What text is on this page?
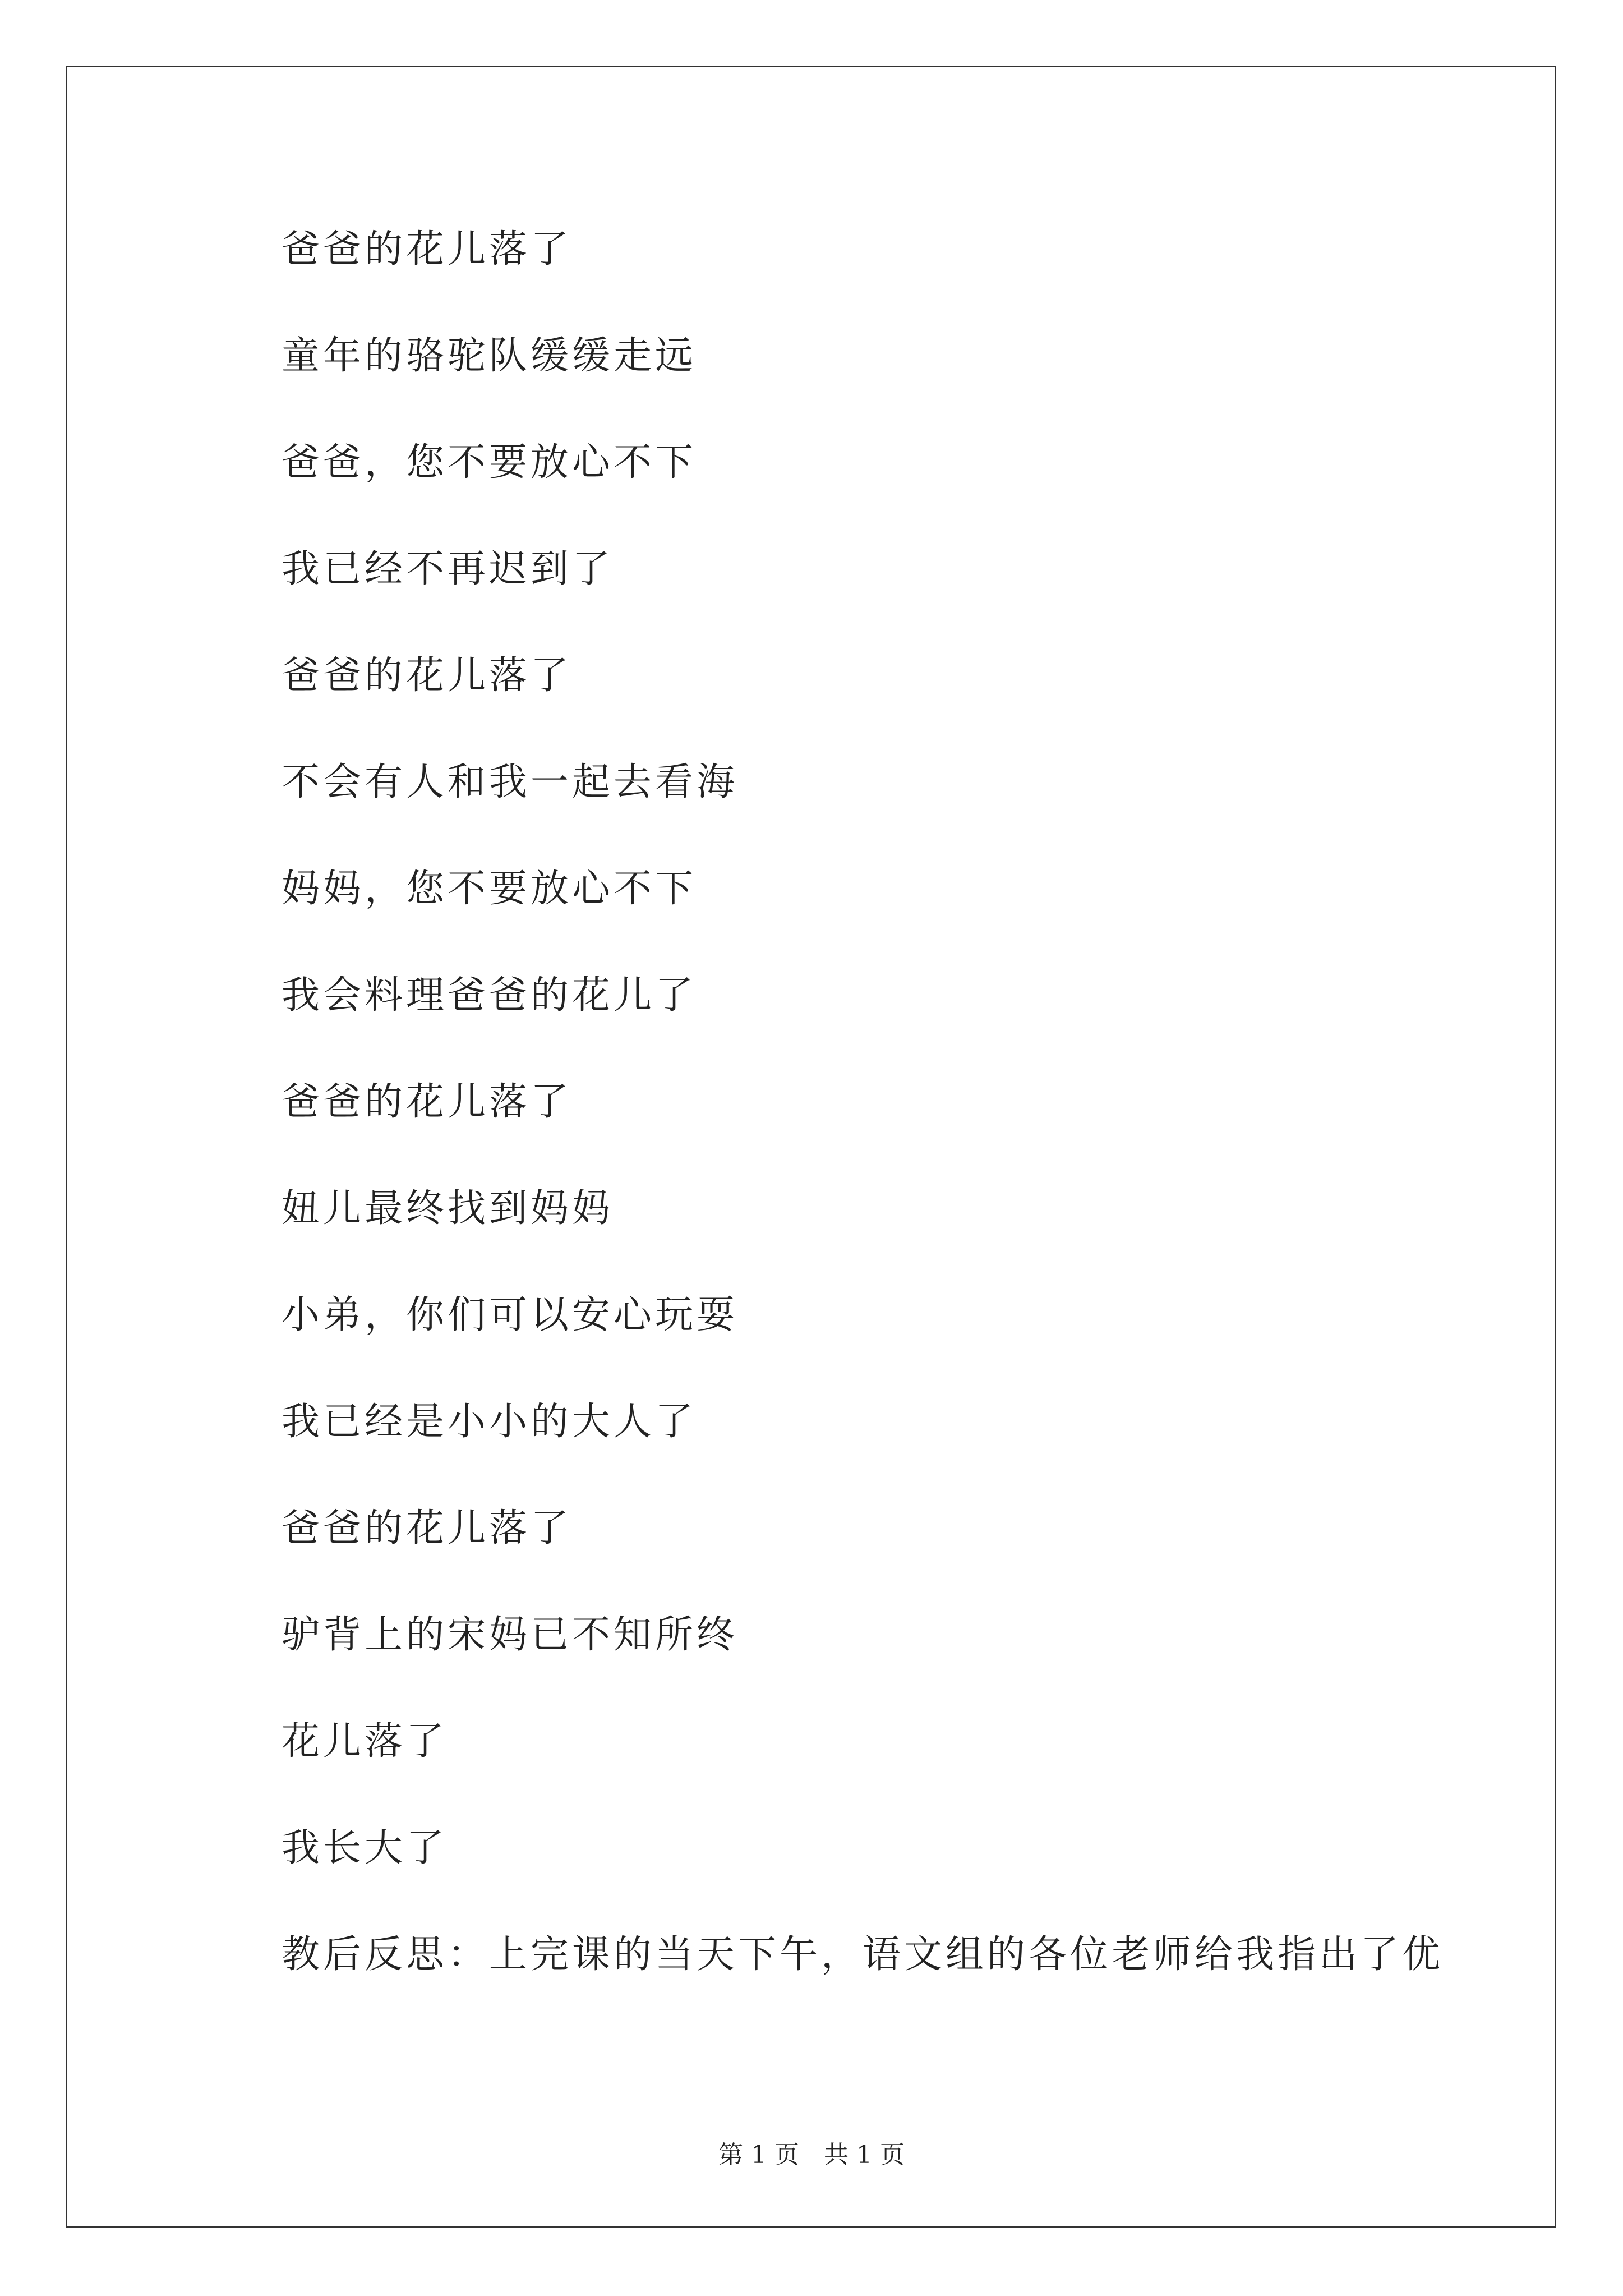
爸爸的花儿落了
童年的骆驼队缓缓走远
爸爸，您不要放心不下
我已经不再迟到了
爸爸的花儿落了
不会有人和我一起去看海
妈妈，您不要放心不下
我会料理爸爸的花儿了
爸爸的花儿落了
妞儿最终找到妈妈
小弟，你们可以安心玩耍
我已经是小小的大人了
爸爸的花儿落了
驴背上的宋妈已不知所终
花儿落了
我长大了
教后反思：上完课的当天下午，语文组的各位老师给我指出了优
第 1 页　共 1 页
